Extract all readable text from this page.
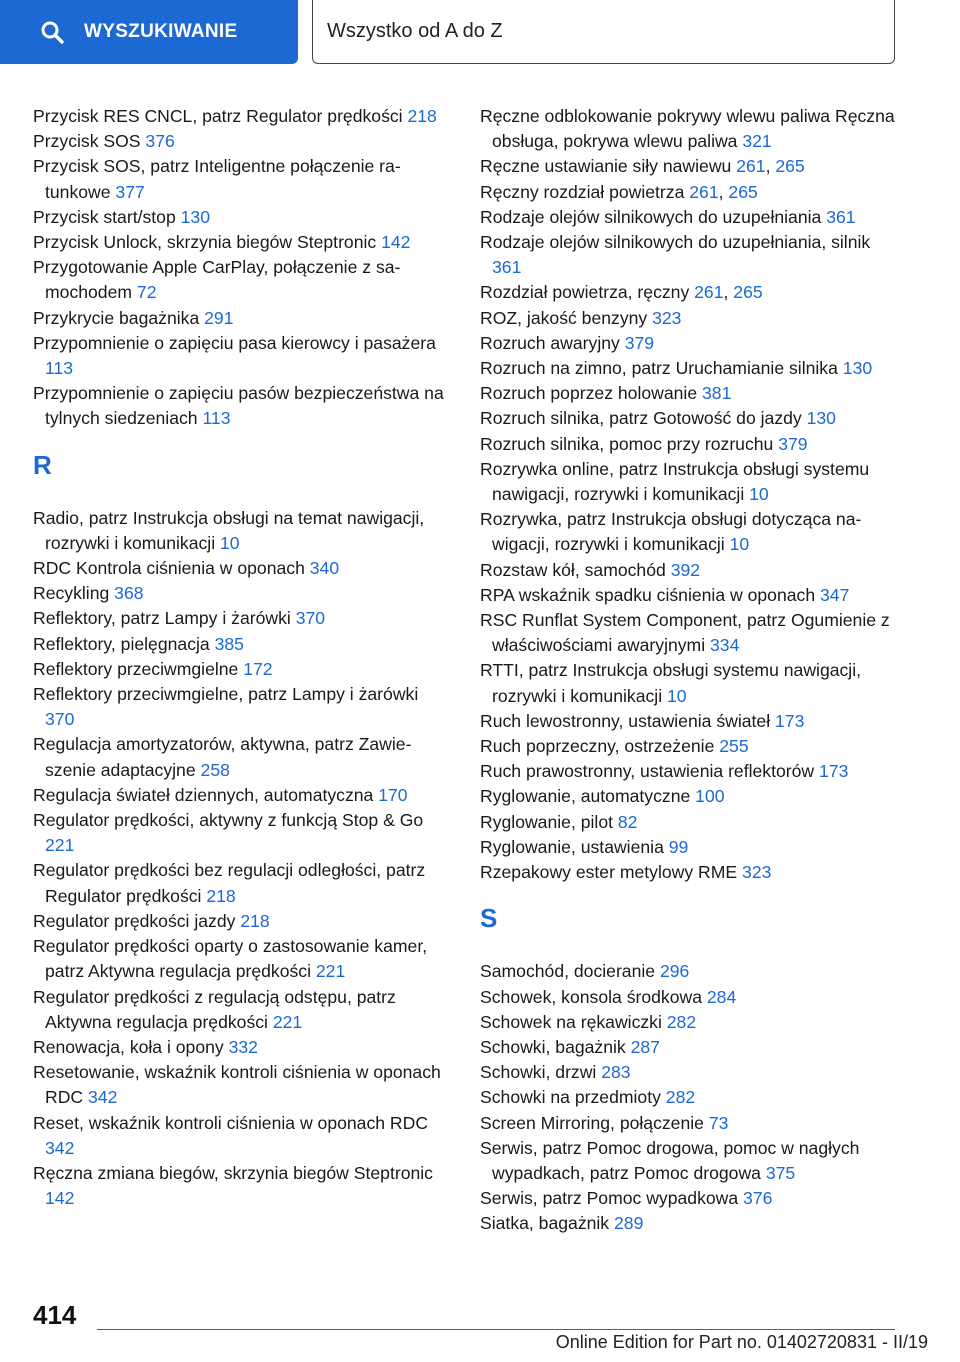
WYSZUKIWANIE	Wszystko od A do Z
Przycisk RES CNCL, patrz Regulator prędkości 218
Przycisk SOS 376
Przycisk SOS, patrz Inteligentne połączenie ratunkowe 377
Przycisk start/stop 130
Przycisk Unlock, skrzynia biegów Steptronic 142
Przygotowanie Apple CarPlay, połączenie z samochodem 72
Przykrycie bagażnika 291
Przypomnienie o zapięciu pasa kierowcy i pasażera 113
Przypomnienie o zapięciu pasów bezpieczeństwa na tylnych siedzeniach 113
R
Radio, patrz Instrukcja obsługi na temat nawigacji, rozrywki i komunikacji 10
RDC Kontrola ciśnienia w oponach 340
Recykling 368
Reflektory, patrz Lampy i żarówki 370
Reflektory, pielęgnacja 385
Reflektory przeciwmgielne 172
Reflektory przeciwmgielne, patrz Lampy i żarówki 370
Regulacja amortyzatorów, aktywna, patrz Zawieszenie adaptacyjne 258
Regulacja świateł dziennych, automatyczna 170
Regulator prędkości, aktywny z funkcją Stop & Go 221
Regulator prędkości bez regulacji odległości, patrz Regulator prędkości 218
Regulator prędkości jazdy 218
Regulator prędkości oparty o zastosowanie kamer, patrz Aktywna regulacja prędkości 221
Regulator prędkości z regulacją odstępu, patrz Aktywna regulacja prędkości 221
Renowacja, koła i opony 332
Resetowanie, wskaźnik kontroli ciśnienia w oponach RDC 342
Reset, wskaźnik kontroli ciśnienia w oponach RDC 342
Ręczna zmiana biegów, skrzynia biegów Steptronic 142
Ręczne odblokowanie pokrywy wlewu paliwa Ręczna obsługa, pokrywa wlewu paliwa 321
Ręczne ustawianie siły nawiewu 261, 265
Ręczny rozdział powietrza 261, 265
Rodzaje olejów silnikowych do uzupełniania 361
Rodzaje olejów silnikowych do uzupełniania, silnik 361
Rozdział powietrza, ręczny 261, 265
ROZ, jakość benzyny 323
Rozruch awaryjny 379
Rozruch na zimno, patrz Uruchamianie silnika 130
Rozruch poprzez holowanie 381
Rozruch silnika, patrz Gotowość do jazdy 130
Rozruch silnika, pomoc przy rozruchu 379
Rozrywka online, patrz Instrukcja obsługi systemu nawigacji, rozrywki i komunikacji 10
Rozrywka, patrz Instrukcja obsługi dotycząca nawigacji, rozrywki i komunikacji 10
Rozstaw kół, samochód 392
RPA wskaźnik spadku ciśnienia w oponach 347
RSC Runflat System Component, patrz Ogumienie z właściwościami awaryjnymi 334
RTTI, patrz Instrukcja obsługi systemu nawigacji, rozrywki i komunikacji 10
Ruch lewostronny, ustawienia świateł 173
Ruch poprzeczny, ostrzeżenie 255
Ruch prawostronny, ustawienia reflektorów 173
Ryglowanie, automatyczne 100
Ryglowanie, pilot 82
Ryglowanie, ustawienia 99
Rzepakowy ester metylowy RME 323
S
Samochód, docieranie 296
Schowek, konsola środkowa 284
Schowek na rękawiczki 282
Schowki, bagażnik 287
Schowki, drzwi 283
Schowki na przedmioty 282
Screen Mirroring, połączenie 73
Serwis, patrz Pomoc drogowa, pomoc w nagłych wypadkach, patrz Pomoc drogowa 375
Serwis, patrz Pomoc wypadkowa 376
Siatka, bagażnik 289
414
Online Edition for Part no. 01402720831 - II/19
